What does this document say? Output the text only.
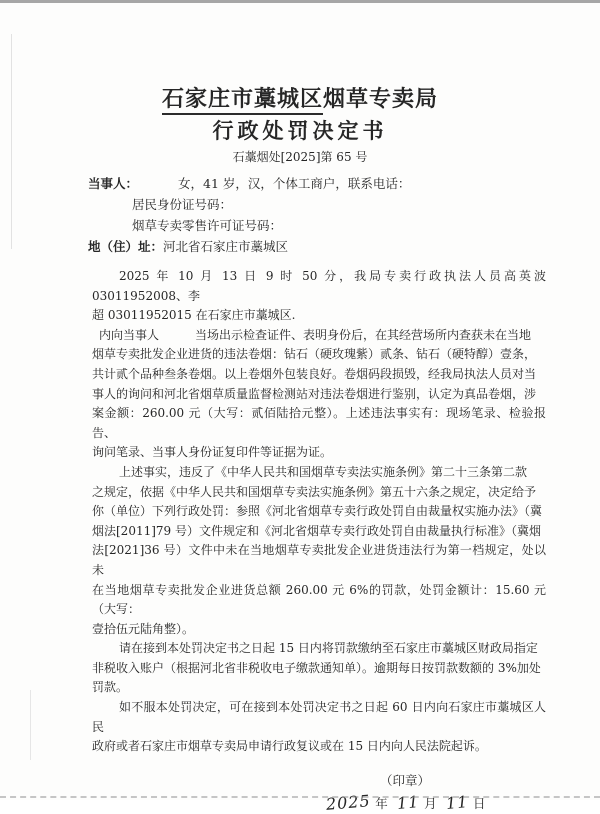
石家庄市藁城区烟草专卖局
行政处罚决定书
石藁烟处[2025]第 65 号
当事人：	女，41 岁，汉，个体工商户，联系电话：
居民身份证号码：
烟草专卖零售许可证号码：
地（住）址：河北省石家庄市藁城区
2025 年 10 月 13 日 9 时 50 分，我局专卖行政执法人员高英波 03011952008、李
超 03011952015 在石家庄市藁城区.
内向当事人　　　当场出示检查证件、表明身份后，在其经营场所内查获未在当地
烟草专卖批发企业进货的违法卷烟：钻石（硬玫瑰紫）贰条、钻石（硬特醇）壹条，
共计贰个品种叁条卷烟。以上卷烟外包装良好。卷烟码段损毁，经我局执法人员对当
事人的询问和河北省烟草质量监督检测站对违法卷烟进行鉴别，认定为真品卷烟，涉
案金额：260.00 元（大写：贰佰陆拾元整）。上述违法事实有：现场笔录、检验报告、
询问笔录、当事人身份证复印件等证据为证。
上述事实，违反了《中华人民共和国烟草专卖法实施条例》第二十三条第二款
之规定，依据《中华人民共和国烟草专卖法实施条例》第五十六条之规定，决定给予
你（单位）下列行政处罚：参照《河北省烟草专卖行政处罚自由裁量权实施办法》（冀
烟法[2011]79 号）文件规定和《河北省烟草专卖行政处罚自由裁量执行标准》（冀烟
法[2021]36 号）文件中未在当地烟草专卖批发企业进货违法行为第一档规定，处以未
在当地烟草专卖批发企业进货总额 260.00 元 6%的罚款，处罚金额计：15.60 元（大写：
壹拾伍元陆角整）。
请在接到本处罚决定书之日起 15 日内将罚款缴纳至石家庄市藁城区财政局指定
非税收入账户（根据河北省非税收电子缴款通知单）。逾期每日按罚款数额的 3%加处
罚款。
如不服本处罚决定，可在接到本处罚决定书之日起 60 日内向石家庄市藁城区人民
政府或者石家庄市烟草专卖局申请行政复议或在 15 日内向人民法院起诉。
（印章）
2025 年 11 月 11 日
